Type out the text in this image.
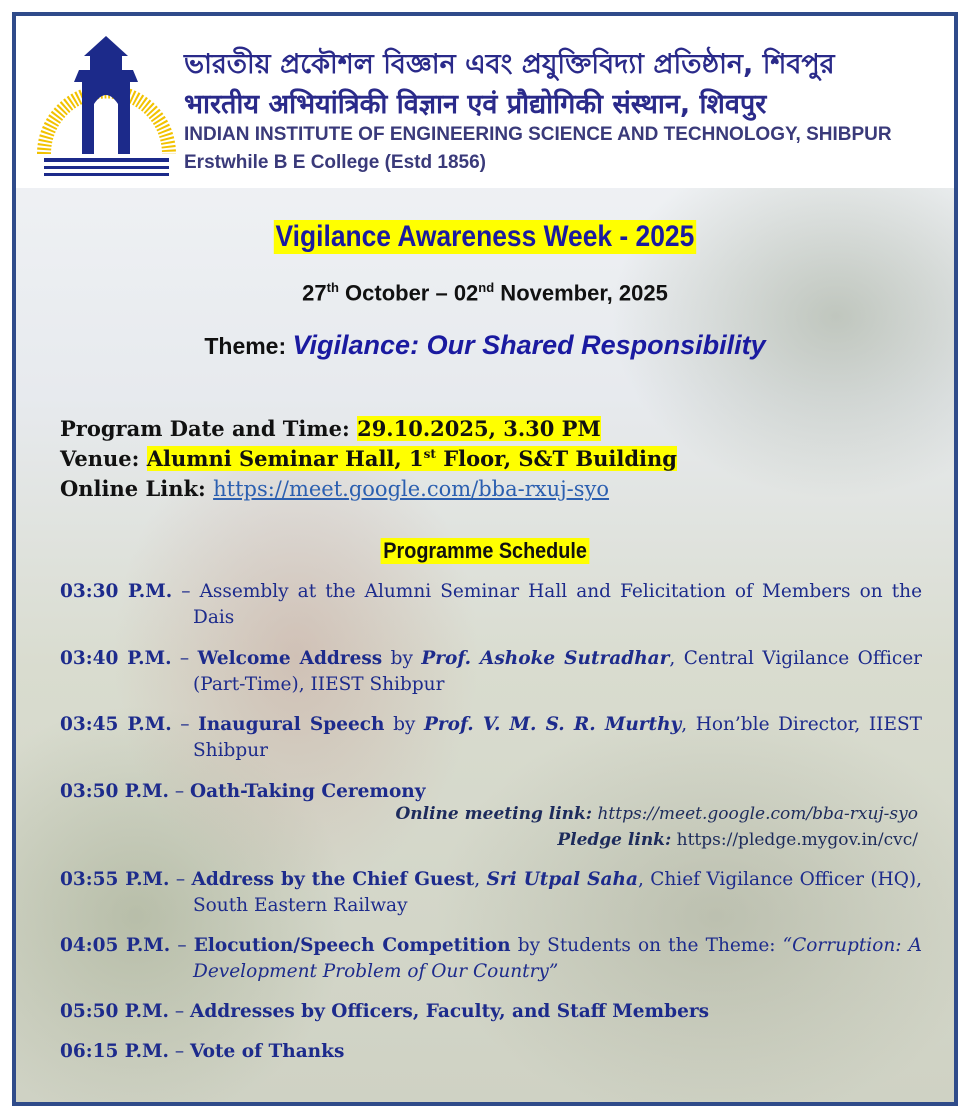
ভারতীয় প্রকৌশল বিজ্ঞান এবং প্রযুক্তিবিদ্যা প্রতিষ্ঠান, শিবপুর
भारतीय अभियांत्रिकी विज्ञान एवं प्रौद्योगिकी संस्थान, शिवपुर
INDIAN INSTITUTE OF ENGINEERING SCIENCE AND TECHNOLOGY, SHIBPUR
Erstwhile B E College (Estd 1856)
Vigilance Awareness Week - 2025
27th October – 02nd November, 2025
Theme: Vigilance: Our Shared Responsibility
Program Date and Time: 29.10.2025, 3.30 PM
Venue: Alumni Seminar Hall, 1st Floor, S&T Building
Online Link: https://meet.google.com/bba-rxuj-syo
Programme Schedule
03:30 P.M. – Assembly at the Alumni Seminar Hall and Felicitation of Members on the Dais
03:40 P.M. – Welcome Address by Prof. Ashoke Sutradhar, Central Vigilance Officer (Part-Time), IIEST Shibpur
03:45 P.M. – Inaugural Speech by Prof. V. M. S. R. Murthy, Hon’ble Director, IIEST Shibpur
03:50 P.M. – Oath-Taking Ceremony
03:55 P.M. – Address by the Chief Guest, Sri Utpal Saha, Chief Vigilance Officer (HQ), South Eastern Railway
04:05 P.M. – Elocution/Speech Competition by Students on the Theme: “Corruption: A Development Problem of Our Country”
05:50 P.M. – Addresses by Officers, Faculty, and Staff Members
06:15 P.M. – Vote of Thanks
Online meeting link: https://meet.google.com/bba-rxuj-syo
Pledge link: https://pledge.mygov.in/cvc/
